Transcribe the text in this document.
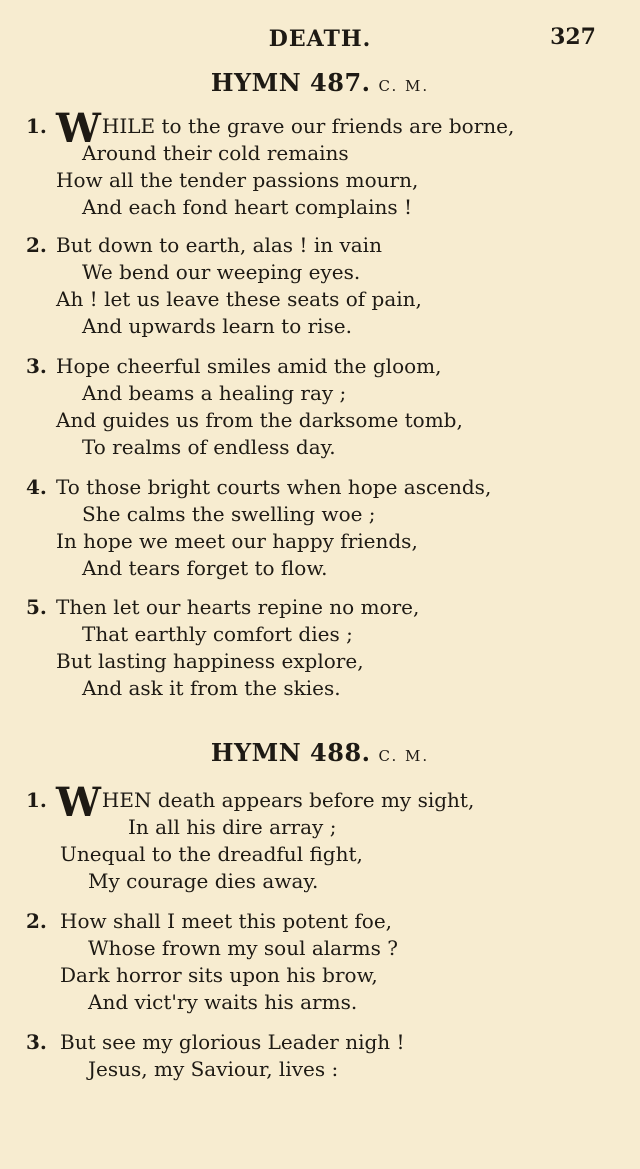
DEATH.	327
HYMN 487. C. M.
1. WHILE to the grave our friends are borne,
Around their cold remains
How all the tender passions mourn,
And each fond heart complains !
2. But down to earth, alas ! in vain
We bend our weeping eyes.
Ah ! let us leave these seats of pain,
And upwards learn to rise.
3. Hope cheerful smiles amid the gloom,
And beams a healing ray ;
And guides us from the darksome tomb,
To realms of endless day.
4. To those bright courts when hope ascends,
She calms the swelling woe ;
In hope we meet our happy friends,
And tears forget to flow.
5. Then let our hearts repine no more,
That earthly comfort dies ;
But lasting happiness explore,
And ask it from the skies.
HYMN 488. C. M.
1. WHEN death appears before my sight,
In all his dire array ;
Unequal to the dreadful fight,
My courage dies away.
2. How shall I meet this potent foe,
Whose frown my soul alarms ?
Dark horror sits upon his brow,
And vict'ry waits his arms.
3. But see my glorious Leader nigh !
Jesus, my Saviour, lives :
